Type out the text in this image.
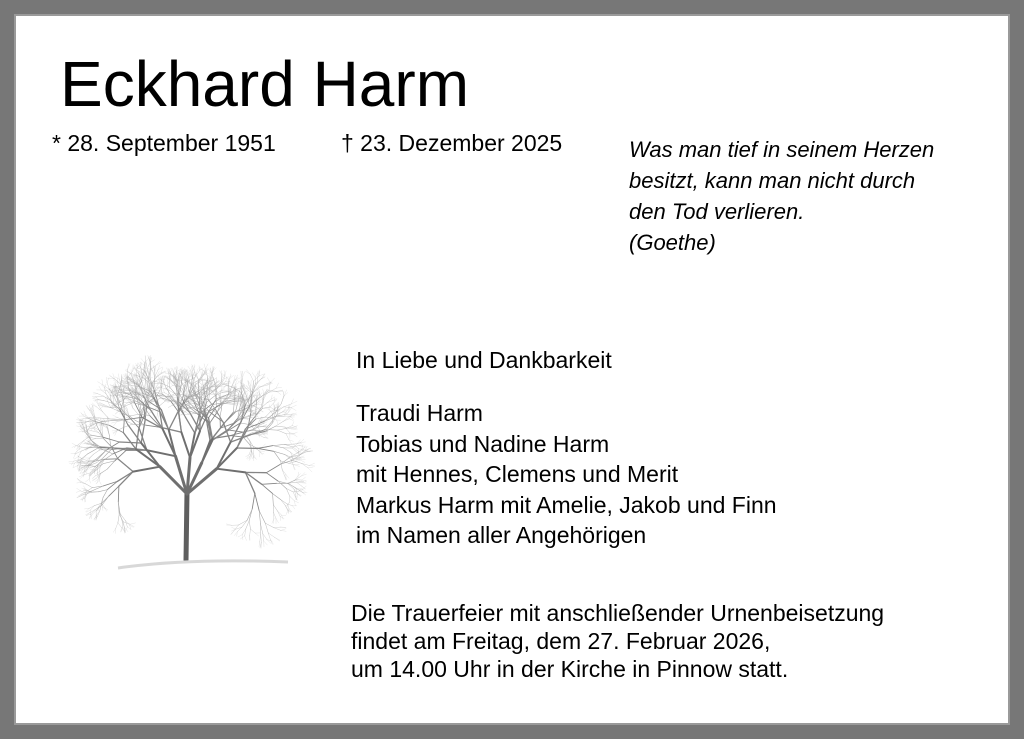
Eckhard Harm
* 28. September 1951	† 23. Dezember 2025	Was man tief in seinem Herzen
besitzt, kann man nicht durch
den Tod verlieren.
(Goethe)
In Liebe und Dankbarkeit
Traudi Harm
Tobias und Nadine Harm
mit Hennes, Clemens und Merit
Markus Harm mit Amelie, Jakob und Finn
im Namen aller Angehörigen
Die Trauerfeier mit anschließender Urnenbeisetzung
findet am Freitag, dem 27. Februar 2026,
um 14.00 Uhr in der Kirche in Pinnow statt.
